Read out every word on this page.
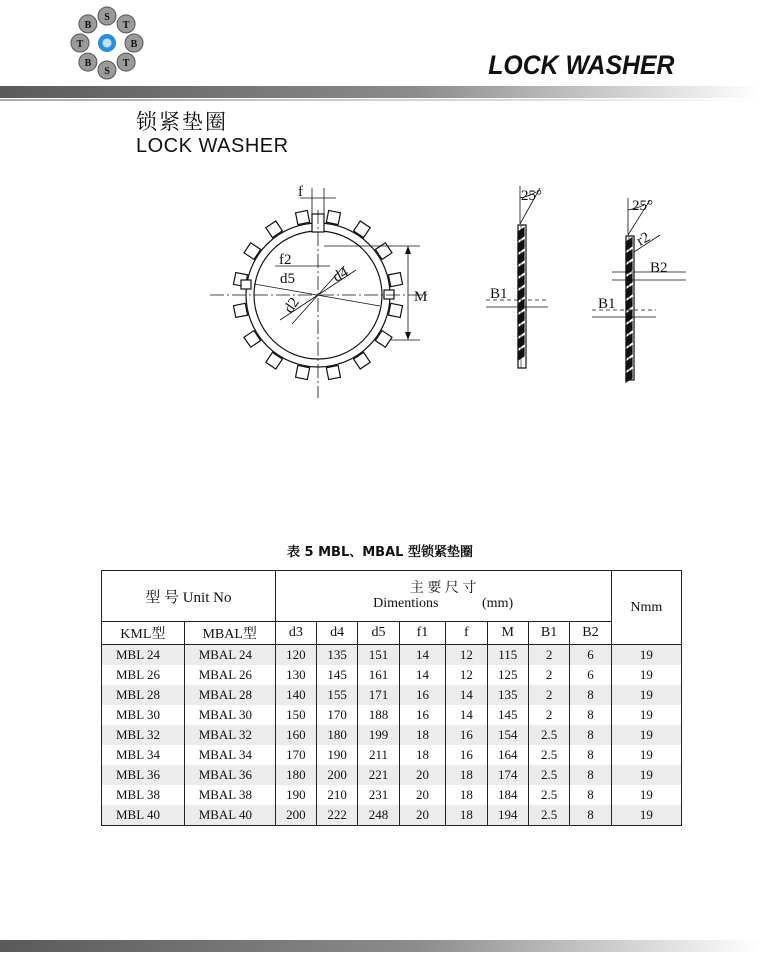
S
T
B
T
S
B
T
B
LOCK WASHER
锁紧垫圈
LOCK WASHER
f
f2
d5 d4
d2	M
25°
B1
25°
r2
B2
B1
表 5 MBL、MBAL 型锁紧垫圈
型 号 Unit No		主 要 尺 寸
Dimentions (mm)								Nmm
KML型	MBAL型	d3	d4	d5	f1	f	M	B1	B2	
MBL 24	MBAL 24	120	135	151	14	12	115	2	6	19
MBL 26	MBAL 26	130	145	161	14	12	125	2	6	19
MBL 28	MBAL 28	140	155	171	16	14	135	2	8	19
MBL 30	MBAL 30	150	170	188	16	14	145	2	8	19
MBL 32	MBAL 32	160	180	199	18	16	154	2.5	8	19
MBL 34	MBAL 34	170	190	211	18	16	164	2.5	8	19
MBL 36	MBAL 36	180	200	221	20	18	174	2.5	8	19
MBL 38	MBAL 38	190	210	231	20	18	184	2.5	8	19
MBL 40	MBAL 40	200	222	248	20	18	194	2.5	8	19
